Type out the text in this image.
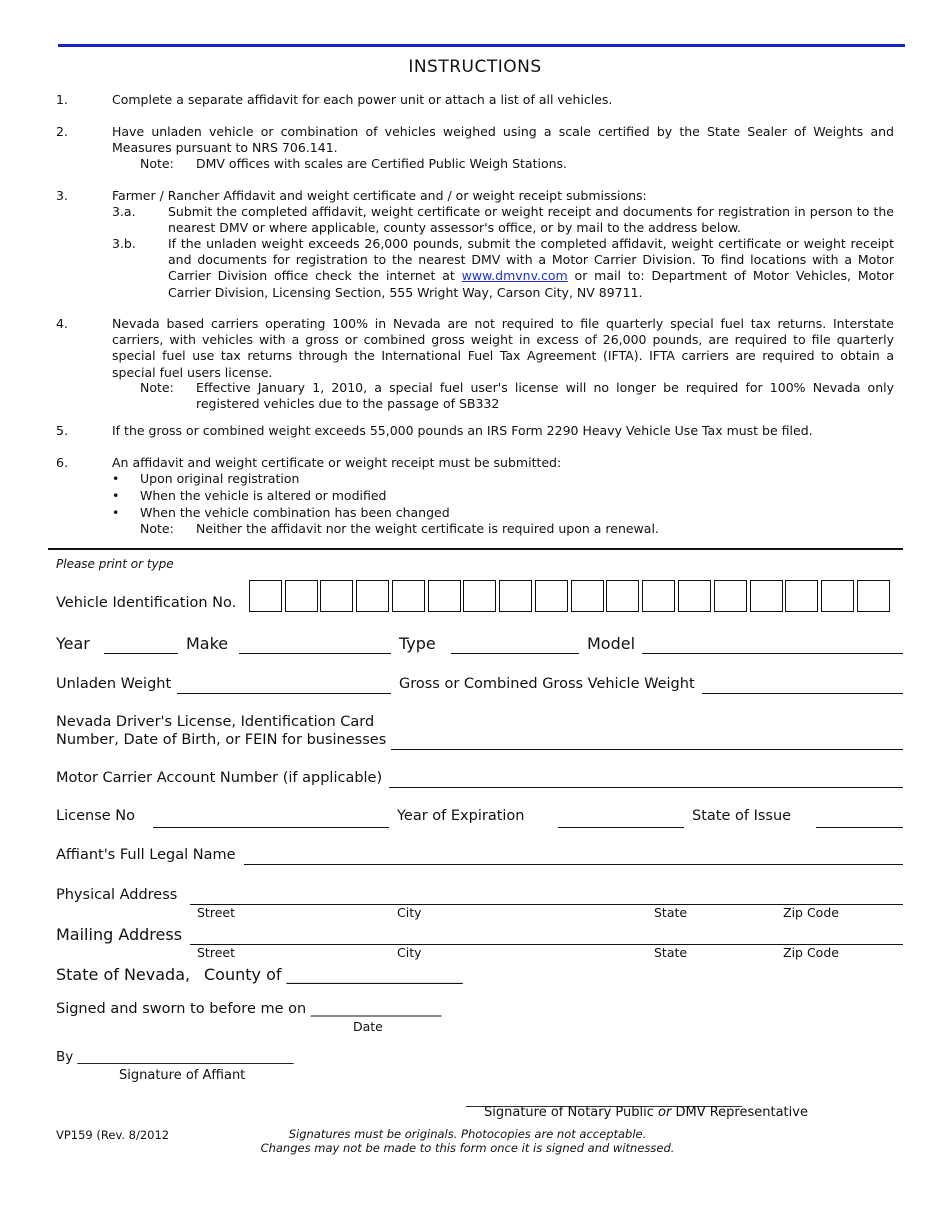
INSTRUCTIONS
1.	Complete a separate affidavit for each power unit or attach a list of all vehicles.
2.	Have unladen vehicle or combination of vehicles weighed using a scale certified by the State Sealer of Weights and Measures pursuant to NRS 706.141.
Note: DMV offices with scales are Certified Public Weigh Stations.
3.	Farmer / Rancher Affidavit and weight certificate and / or weight receipt submissions:
3.a.	Submit the completed affidavit, weight certificate or weight receipt and documents for registration in person to the nearest DMV or where applicable, county assessor's office, or by mail to the address below.
3.b.	If the unladen weight exceeds 26,000 pounds, submit the completed affidavit, weight certificate or weight receipt and documents for registration to the nearest DMV with a Motor Carrier Division. To find locations with a Motor Carrier Division office check the internet at www.dmvnv.com or mail to: Department of Motor Vehicles, Motor Carrier Division, Licensing Section, 555 Wright Way, Carson City, NV 89711.
4.	Nevada based carriers operating 100% in Nevada are not required to file quarterly special fuel tax returns. Interstate carriers, with vehicles with a gross or combined gross weight in excess of 26,000 pounds, are required to file quarterly special fuel use tax returns through the International Fuel Tax Agreement (IFTA). IFTA carriers are required to obtain a special fuel users license.
Note: Effective January 1, 2010, a special fuel user's license will no longer be required for 100% Nevada only registered vehicles due to the passage of SB332
5.	If the gross or combined weight exceeds 55,000 pounds an IRS Form 2290 Heavy Vehicle Use Tax must be filed.
6.	An affidavit and weight certificate or weight receipt must be submitted:
• Upon original registration
• When the vehicle is altered or modified
• When the vehicle combination has been changed
Note: Neither the affidavit nor the weight certificate is required upon a renewal.
Please print or type
Vehicle Identification No.
Year	Make	Type	Model
Unladen Weight	Gross or Combined Gross Vehicle Weight
Nevada Driver's License, Identification Card
Number, Date of Birth, or FEIN for businesses
Motor Carrier Account Number (if applicable)
License No	Year of Expiration	State of Issue
Affiant's Full Legal Name
Physical Address
Street	City	State	Zip Code
Mailing Address
Street	City	State	Zip Code
State of Nevada, County of ______________________
Signed and sworn to before me on __________________
Date
By ________________________________
Signature of Affiant
______________________________________________
Signature of Notary Public or DMV Representative
VP159 (Rev. 8/2012	Signatures must be originals. Photocopies are not acceptable.
Changes may not be made to this form once it is signed and witnessed.
